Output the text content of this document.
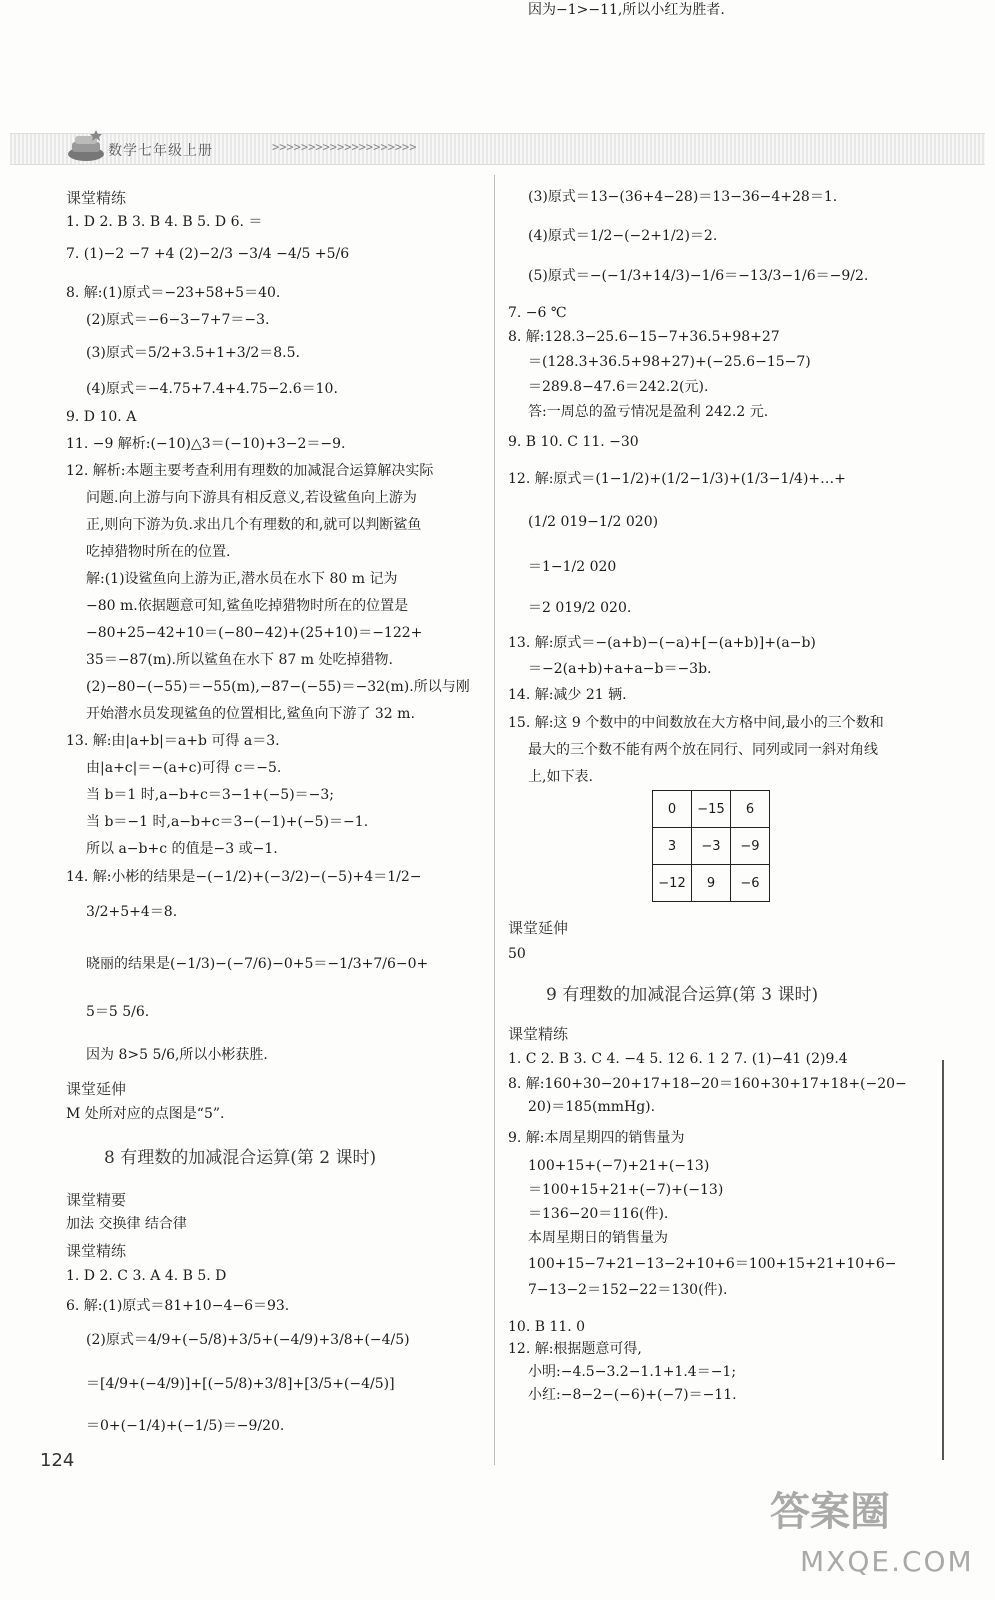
数学七年级上册	>>>>>>>>>>>>>>>>>>>>
课堂精练
1. D 2. B 3. B 4. B 5. D 6. ＝
7. (1)−2 −7 +4 (2)−2/3 −3/4 −4/5 +5/6
8. 解:(1)原式＝−23+58+5＝40.
(2)原式＝−6−3−7+7＝−3.
(3)原式＝5/2+3.5+1+3/2＝8.5.
(4)原式＝−4.75+7.4+4.75−2.6＝10.
9. D 10. A
11. −9 解析:(−10)△3＝(−10)+3−2＝−9.
12. 解析:本题主要考查利用有理数的加减混合运算解决实际
问题.向上游与向下游具有相反意义,若设鲨鱼向上游为
正,则向下游为负.求出几个有理数的和,就可以判断鲨鱼
吃掉猎物时所在的位置.
解:(1)设鲨鱼向上游为正,潜水员在水下 80 m 记为
−80 m.依据题意可知,鲨鱼吃掉猎物时所在的位置是
−80+25−42+10＝(−80−42)+(25+10)＝−122+
35＝−87(m).所以鲨鱼在水下 87 m 处吃掉猎物.
(2)−80−(−55)＝−55(m),−87−(−55)＝−32(m).所以与刚
开始潜水员发现鲨鱼的位置相比,鲨鱼向下游了 32 m.
13. 解:由|a+b|＝a+b 可得 a＝3.
由|a+c|＝−(a+c)可得 c＝−5.
当 b＝1 时,a−b+c＝3−1+(−5)＝−3;
当 b＝−1 时,a−b+c＝3−(−1)+(−5)＝−1.
所以 a−b+c 的值是−3 或−1.
14. 解:小彬的结果是−(−1/2)+(−3/2)−(−5)+4＝1/2−
3/2+5+4＝8.
晓丽的结果是(−1/3)−(−7/6)−0+5＝−1/3+7/6−0+
5＝5 5/6.
因为 8>5 5/6,所以小彬获胜.
课堂延伸
M 处所对应的点图是“5”.
8 有理数的加减混合运算(第 2 课时)
课堂精要
加法 交换律 结合律
课堂精练
1. D 2. C 3. A 4. B 5. D
6. 解:(1)原式＝81+10−4−6＝93.
(2)原式＝4/9+(−5/8)+3/5+(−4/9)+3/8+(−4/5)
＝[4/9+(−4/9)]+[(−5/8)+3/8]+[3/5+(−4/5)]
＝0+(−1/4)+(−1/5)＝−9/20.
(3)原式＝13−(36+4−28)＝13−36−4+28＝1.
(4)原式＝1/2−(−2+1/2)＝2.
(5)原式＝−(−1/3+14/3)−1/6＝−13/3−1/6＝−9/2.
7. −6 ℃
8. 解:128.3−25.6−15−7+36.5+98+27
＝(128.3+36.5+98+27)+(−25.6−15−7)
＝289.8−47.6＝242.2(元).
答:一周总的盈亏情况是盈利 242.2 元.
9. B 10. C 11. −30
12. 解:原式＝(1−1/2)+(1/2−1/3)+(1/3−1/4)+…+
(1/2 019−1/2 020)
＝1−1/2 020
＝2 019/2 020.
13. 解:原式＝−(a+b)−(−a)+[−(a+b)]+(a−b)
＝−2(a+b)+a+a−b＝−3b.
14. 解:减少 21 辆.
15. 解:这 9 个数中的中间数放在大方格中间,最小的三个数和
最大的三个数不能有两个放在同行、同列或同一斜对角线
上,如下表.
课堂延伸
50
9 有理数的加减混合运算(第 3 课时)
课堂精练
1. C 2. B 3. C 4. −4 5. 12 6. 1 2 7. (1)−41 (2)9.4
8. 解:160+30−20+17+18−20＝160+30+17+18+(−20−
20)＝185(mmHg).
9. 解:本周星期四的销售量为
100+15+(−7)+21+(−13)
＝100+15+21+(−7)+(−13)
＝136−20＝116(件).
本周星期日的销售量为
100+15−7+21−13−2+10+6＝100+15+21+10+6−
7−13−2＝152−22＝130(件).
10. B 11. 0
12. 解:根据题意可得,
小明:−4.5−3.2−1.1+1.4＝−1;
小红:−8−2−(−6)+(−7)＝−11.
因为−1>−11,所以小红为胜者.
0	−15	6
3	−3	−9
−12	9	−6
124
答案圈
MXQE.COM
